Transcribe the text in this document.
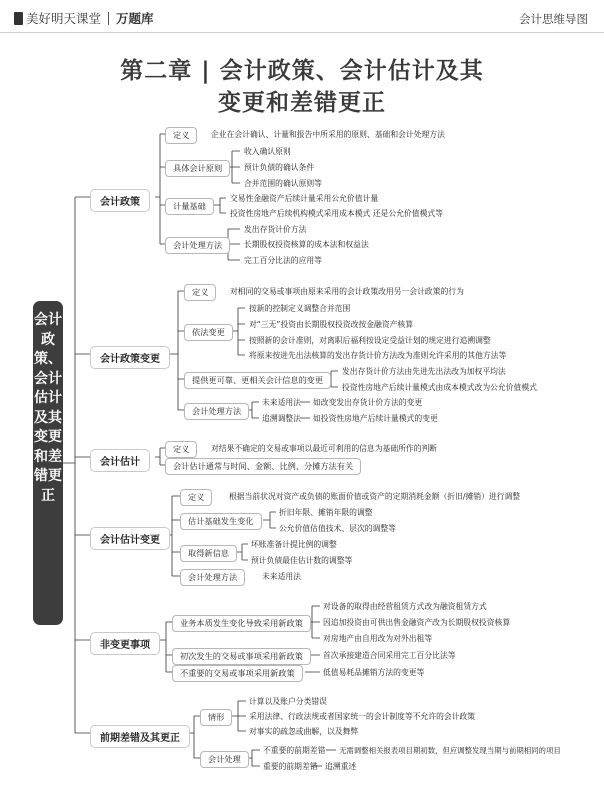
美好明天课堂 万题库	会计思维导图
第二章 | 会计政策、会计估计及其
变更和差错更正
会计政策、会计估计及其变更和差错更正
会计政策
定义	企业在会计确认、计量和报告中所采用的原则、基础和会计处理方法
具体会计原则
收入确认原则
预计负债的确认条件
合并范围的确认原则等
计量基础
交易性金融资产后续计量采用公允价值计量
投资性房地产后续机构模式采用成本模式 还是公允价值模式等
会计处理方法
发出存货计价方法
长期股权投资核算的成本法和权益法
完工百分比法的应用等
会计政策变更
定义	对相同的交易或事项由原来采用的会计政策改用另一会计政策的行为
依法变更
按新的控制定义调整合并范围
对“三无”投资由长期股权投资改按金融资产核算
按照新的会计准则，对离职后福利按设定受益计划的规定进行追溯调整
将原来按进先出法核算的发出存货计价方法改为准则允许采用的其他方法等
提供更可靠、更相关会计信息的变更
发出存货计价方法由先进先出法改为加权平均法
投资性房地产后续计量模式由成本模式改为公允价值模式
会计处理方法
未来适用法 如改变发出存货计价方法的变更
追溯调整法 如投资性房地产后续计量模式的变更
会计估计
定义	对结果不确定的交易或事项以最近可利用的信息为基础所作的判断
会计估计通常与时间、金额、比例、分摊方法有关
会计估计变更
定义	根据当前状况对资产或负债的账面价值或资产的定期消耗金额（折旧/摊销）进行调整
估计基础发生变化
折旧年限、摊销年限的调整
公允价值估值技术、层次的调整等
取得新信息
坏账准备计提比例的调整
预计负债最佳估计数的调整等
会计处理方法	未来适用法
非变更事项
业务本质发生变化导致采用新政策
对设备的取得由经营租赁方式改为融资租赁方式
因追加投资由可供出售金融资产改为长期股权投资核算
对房地产由自用改为对外出租等
初次发生的交易或事项采用新政策	首次承接建造合同采用完工百分比法等
不重要的交易或事项采用新政策	低值易耗品摊销方法的变更等
前期差错及其更正
情形
计算以及账户分类错误
采用法律、行政法规或者国家统一的会计制度等不允许的会计政策
对事实的疏忽或曲解，以及舞弊
会计处理
不重要的前期差错 无需调整相关报表项目期初数，但应调整发现当期与前期相同的项目
重要的前期差错 追溯重述
